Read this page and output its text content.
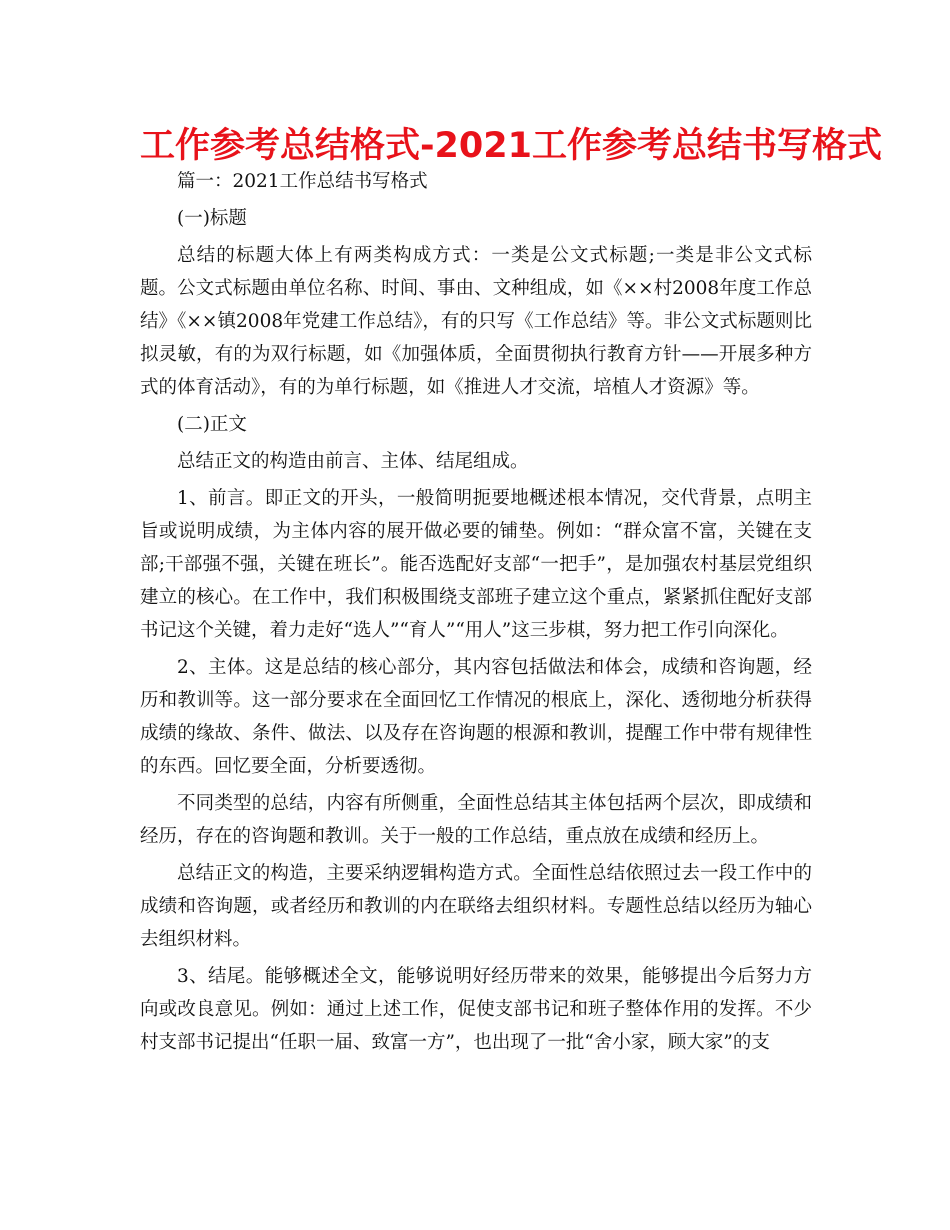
工作参考总结格式-2021工作参考总结书写格式

篇一：2021工作总结书写格式

(一)标题

总结的标题大体上有两类构成方式：一类是公文式标题;一类是非公文式标题。公文式标题由单位名称、时间、事由、文种组成，如《××村2008年度工作总结》《××镇2008年党建工作总结》，有的只写《工作总结》等。非公文式标题则比拟灵敏，有的为双行标题，如《加强体质，全面贯彻执行教育方针——开展多种方式的体育活动》，有的为单行标题，如《推进人才交流，培植人才资源》等。

(二)正文

总结正文的构造由前言、主体、结尾组成。

1、前言。即正文的开头，一般简明扼要地概述根本情况，交代背景，点明主旨或说明成绩，为主体内容的展开做必要的铺垫。例如：“群众富不富，关键在支部;干部强不强，关键在班长”。能否选配好支部“一把手”，是加强农村基层党组织建立的核心。在工作中，我们积极围绕支部班子建立这个重点，紧紧抓住配好支部书记这个关键，着力走好“选人”“育人”“用人”这三步棋，努力把工作引向深化。

2、主体。这是总结的核心部分，其内容包括做法和体会，成绩和咨询题，经历和教训等。这一部分要求在全面回忆工作情况的根底上，深化、透彻地分析获得成绩的缘故、条件、做法、以及存在咨询题的根源和教训，提醒工作中带有规律性的东西。回忆要全面，分析要透彻。

不同类型的总结，内容有所侧重，全面性总结其主体包括两个层次，即成绩和经历，存在的咨询题和教训。关于一般的工作总结，重点放在成绩和经历上。

总结正文的构造，主要采纳逻辑构造方式。全面性总结依照过去一段工作中的成绩和咨询题，或者经历和教训的内在联络去组织材料。专题性总结以经历为轴心去组织材料。

3、结尾。能够概述全文，能够说明好经历带来的效果，能够提出今后努力方向或改良意见。例如：通过上述工作，促使支部书记和班子整体作用的发挥。不少村支部书记提出“任职一届、致富一方”，也出现了一批“舍小家，顾大家”的支
